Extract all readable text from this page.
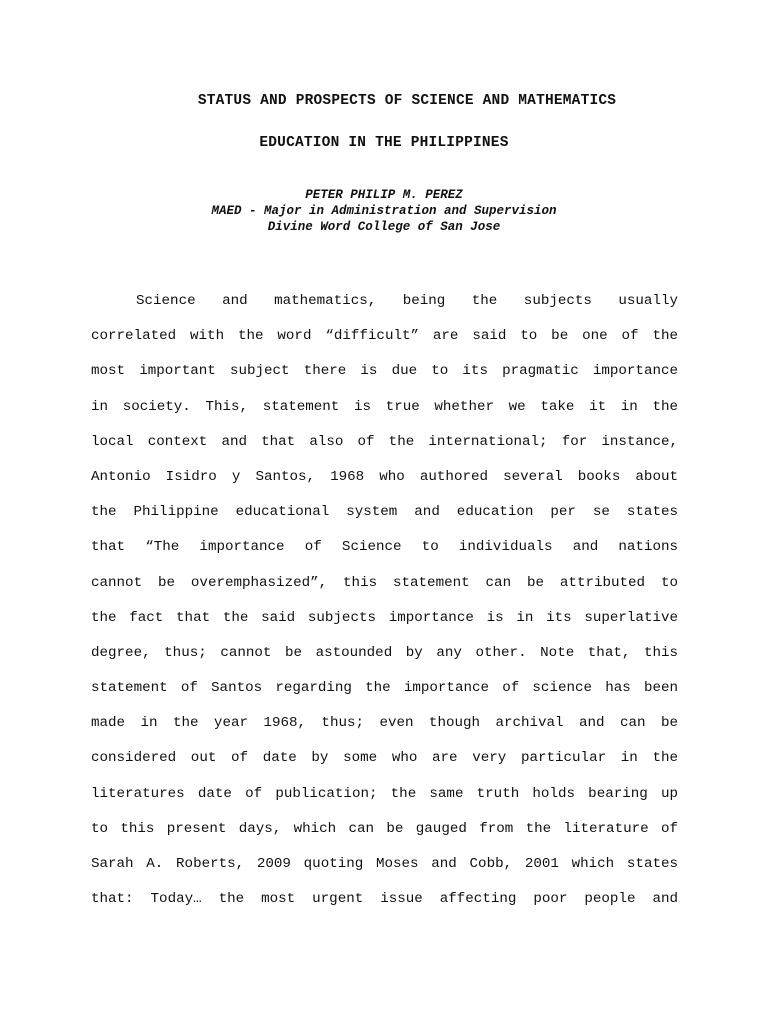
STATUS AND PROSPECTS OF SCIENCE AND MATHEMATICS
EDUCATION IN THE PHILIPPINES
PETER PHILIP M. PEREZ
MAED - Major in Administration and Supervision
Divine Word College of San Jose
Science and mathematics, being the subjects usually
correlated with the word “difficult” are said to be one of the
most important subject there is due to its pragmatic importance
in society. This, statement is true whether we take it in the
local context and that also of the international; for instance,
Antonio Isidro y Santos, 1968 who authored several books about
the Philippine educational system and education per se states
that “The importance of Science to individuals and nations
cannot be overemphasized”, this statement can be attributed to
the fact that the said subjects importance is in its superlative
degree, thus; cannot be astounded by any other. Note that, this
statement of Santos regarding the importance of science has been
made in the year 1968, thus; even though archival and can be
considered out of date by some who are very particular in the
literatures date of publication; the same truth holds bearing up
to this present days, which can be gauged from the literature of
Sarah A. Roberts, 2009 quoting Moses and Cobb, 2001 which states
that: Today… the most urgent issue affecting poor people and
